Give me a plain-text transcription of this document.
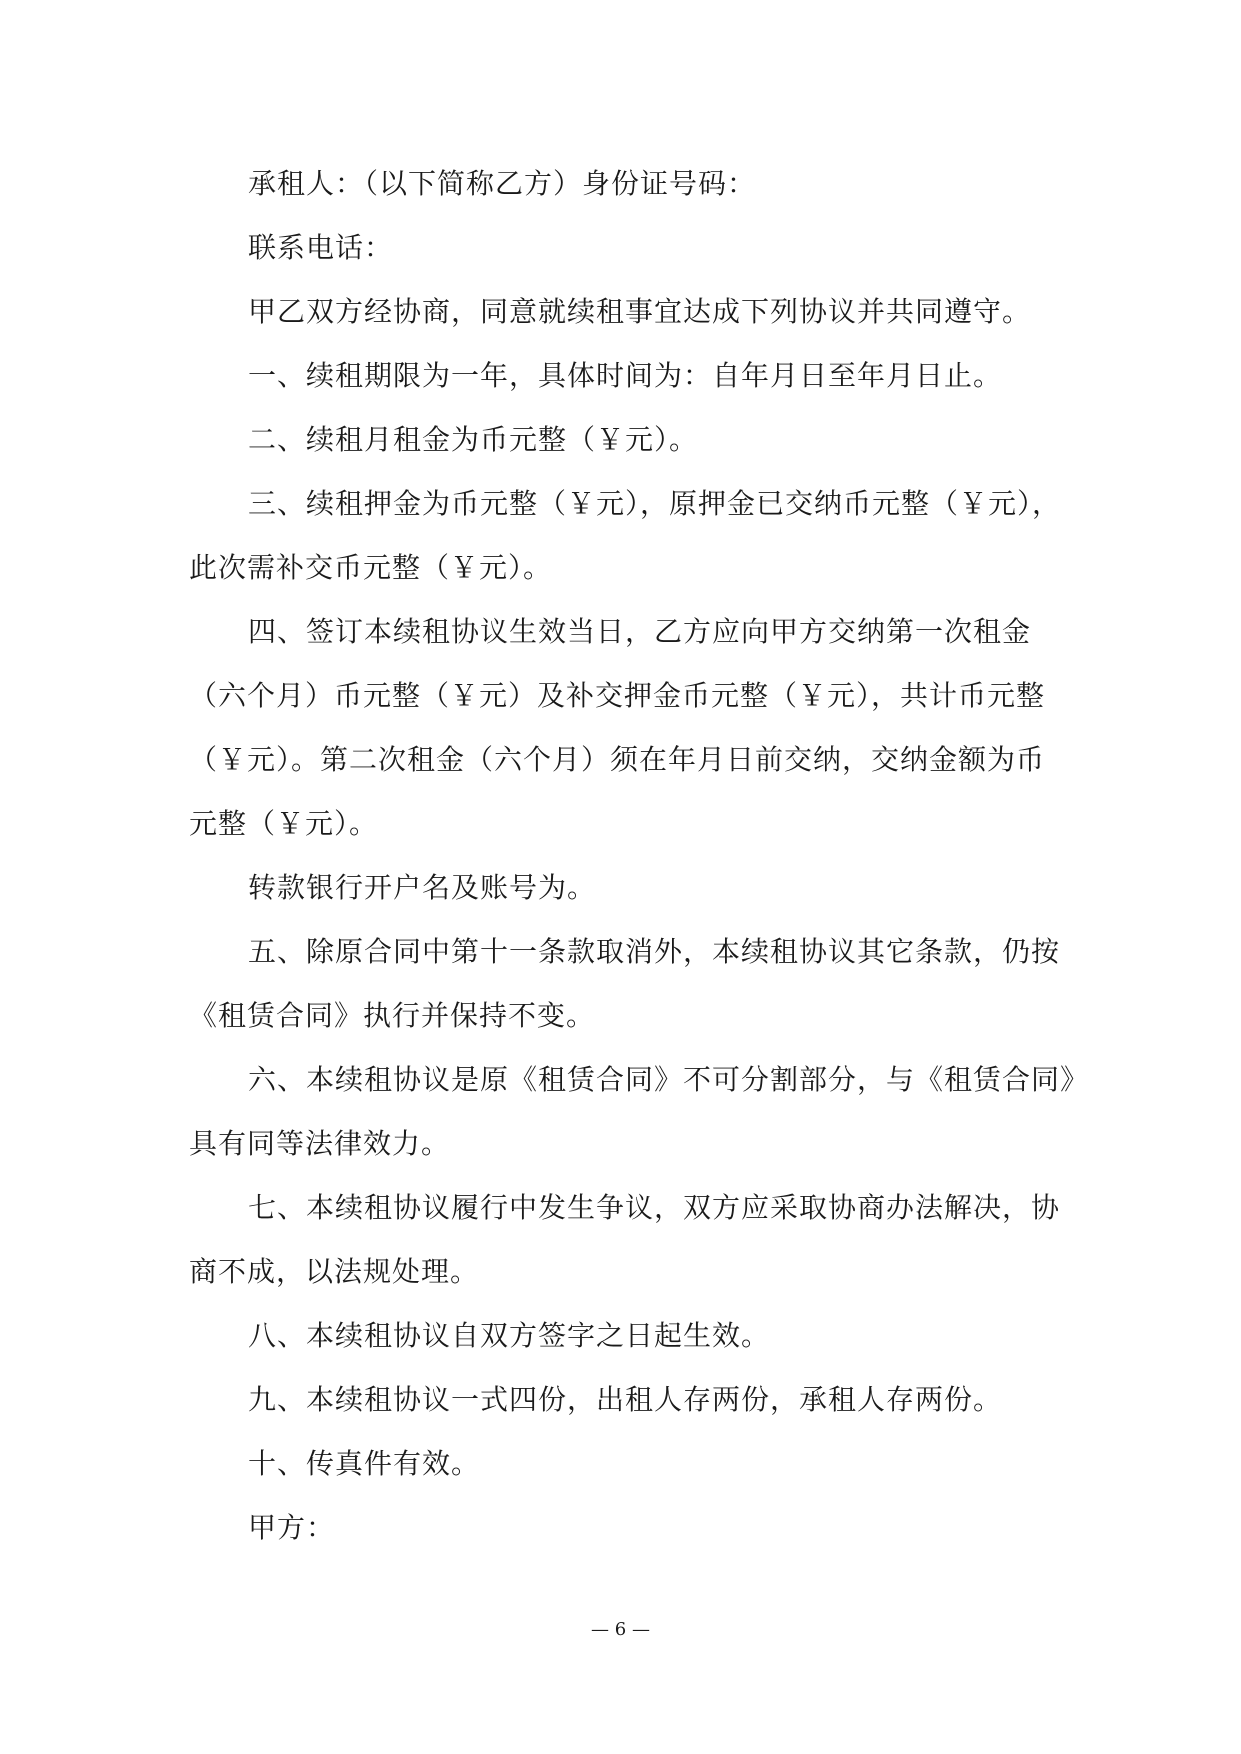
承租人：（以下简称乙方）身份证号码：
联系电话：
甲乙双方经协商，同意就续租事宜达成下列协议并共同遵守。
一、续租期限为一年，具体时间为：自年月日至年月日止。
二、续租月租金为币元整（￥元）。
三、续租押金为币元整（￥元），原押金已交纳币元整（￥元），
此次需补交币元整（￥元）。
四、签订本续租协议生效当日，乙方应向甲方交纳第一次租金
（六个月）币元整（￥元）及补交押金币元整（￥元），共计币元整
（￥元）。第二次租金（六个月）须在年月日前交纳，交纳金额为币
元整（￥元）。
转款银行开户名及账号为。
五、除原合同中第十一条款取消外，本续租协议其它条款，仍按
《租赁合同》执行并保持不变。
六、本续租协议是原《租赁合同》不可分割部分，与《租赁合同》
具有同等法律效力。
七、本续租协议履行中发生争议，双方应采取协商办法解决，协
商不成，以法规处理。
八、本续租协议自双方签字之日起生效。
九、本续租协议一式四份，出租人存两份，承租人存两份。
十、传真件有效。
甲方：
— 6 —
